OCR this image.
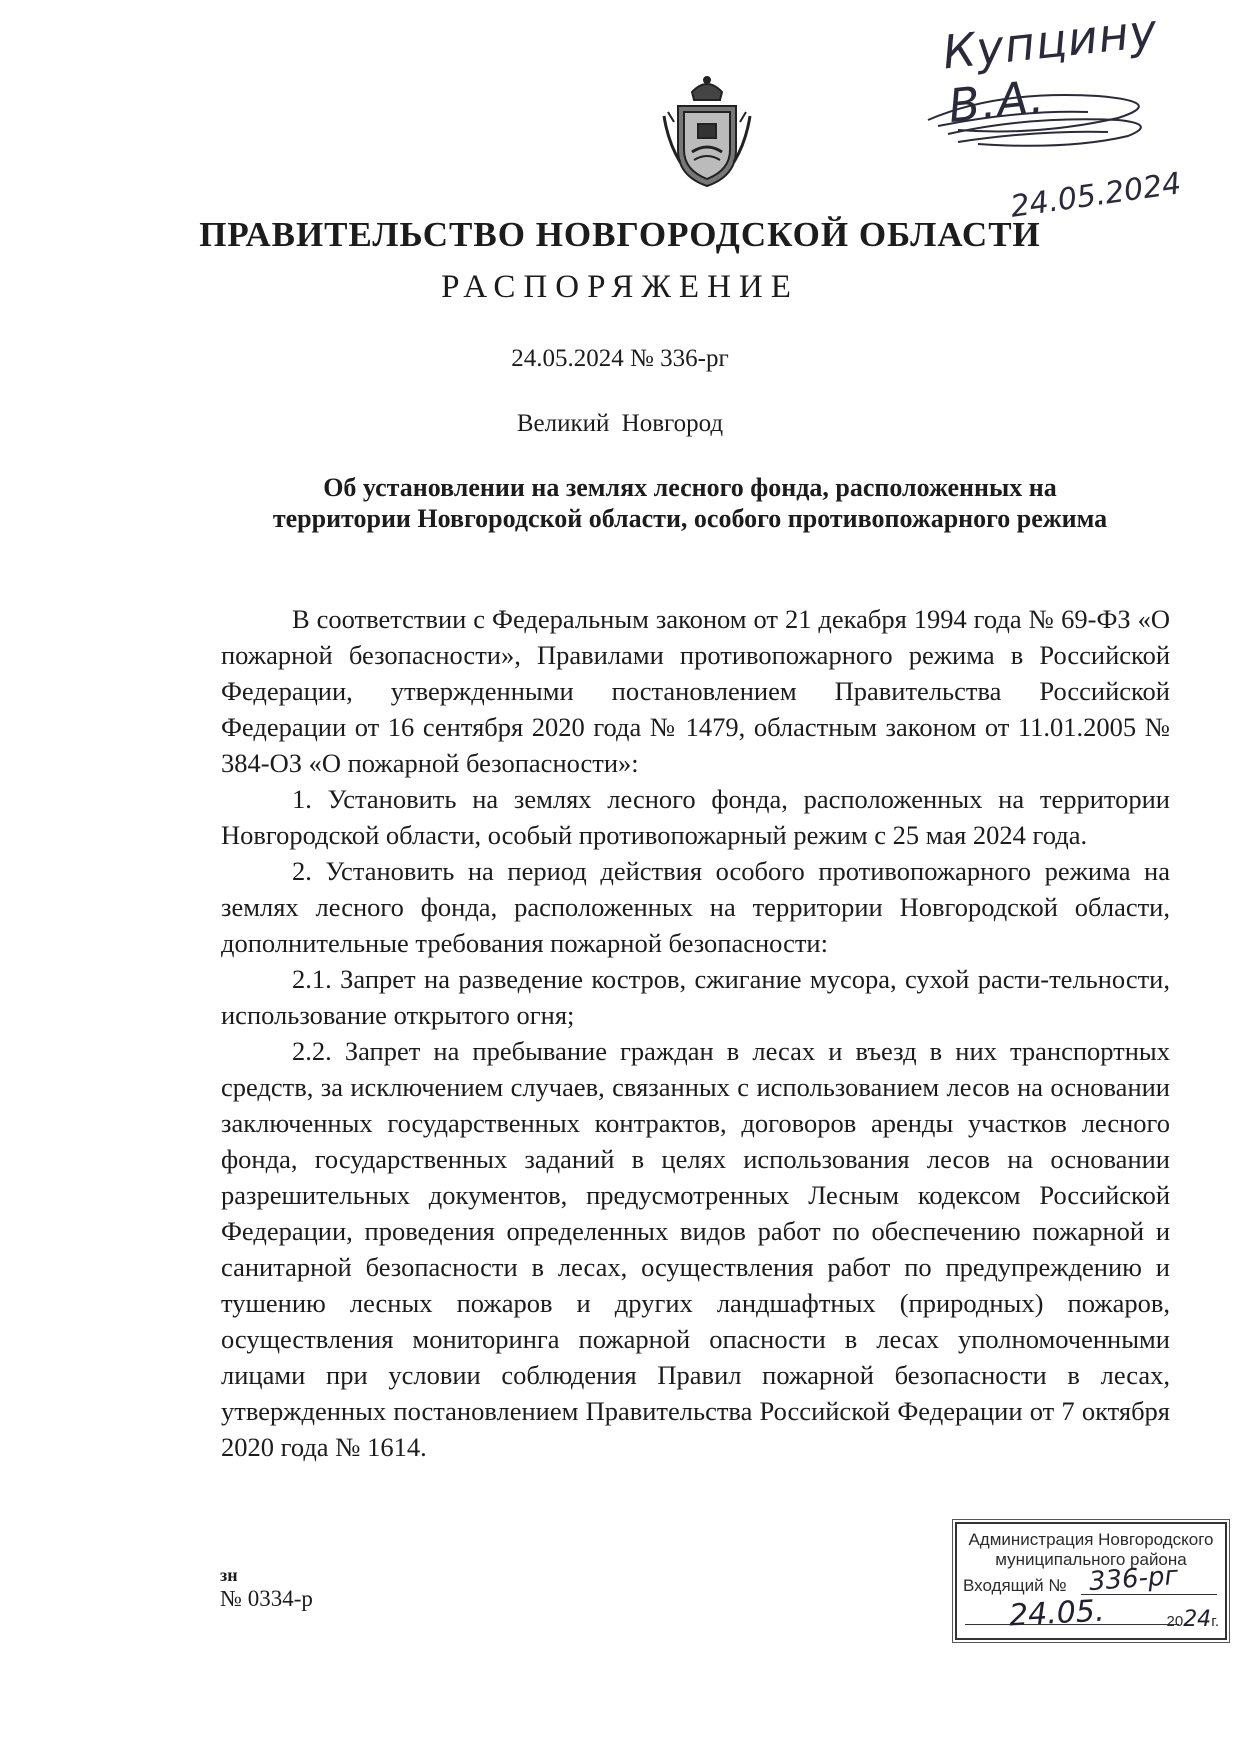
Купцину В.А.
24.05.2024
ПРАВИТЕЛЬСТВО НОВГОРОДСКОЙ ОБЛАСТИ
РАСПОРЯЖЕНИЕ
24.05.2024 № 336-рг
Великий Новгород
Об установлении на землях лесного фонда, расположенных на
территории Новгородской области, особого противопожарного режима

В соответствии с Федеральным законом от 21 декабря 1994 года № 69-ФЗ «О пожарной безопасности», Правилами противопожарного режима в Российской Федерации, утвержденными постановлением Правительства Российской Федерации от 16 сентября 2020 года № 1479, областным законом от 11.01.2005 № 384-ОЗ «О пожарной безопасности»:

1. Установить на землях лесного фонда, расположенных на территории Новгородской области, особый противопожарный режим с 25 мая 2024 года.

2. Установить на период действия особого противопожарного режима на землях лесного фонда, расположенных на территории Новгородской области, дополнительные требования пожарной безопасности:

2.1. Запрет на разведение костров, сжигание мусора, сухой расти-тельности, использование открытого огня;

2.2. Запрет на пребывание граждан в лесах и въезд в них транспортных средств, за исключением случаев, связанных с использованием лесов на основании заключенных государственных контрактов, договоров аренды участков лесного фонда, государственных заданий в целях использования лесов на основании разрешительных документов, предусмотренных Лесным кодексом Российской Федерации, проведения определенных видов работ по обеспечению пожарной и санитарной безопасности в лесах, осуществления работ по предупреждению и тушению лесных пожаров и других ландшафтных (природных) пожаров, осуществления мониторинга пожарной опасности в лесах уполномоченными лицами при условии соблюдения Правил пожарной безопасности в лесах, утвержденных постановлением Правительства Российской Федерации от 7 октября 2020 года № 1614.

зн
№ 0334-р
Администрация Новгородского
муниципального района
Входящий № 336-рг
24.05.	2024г.
